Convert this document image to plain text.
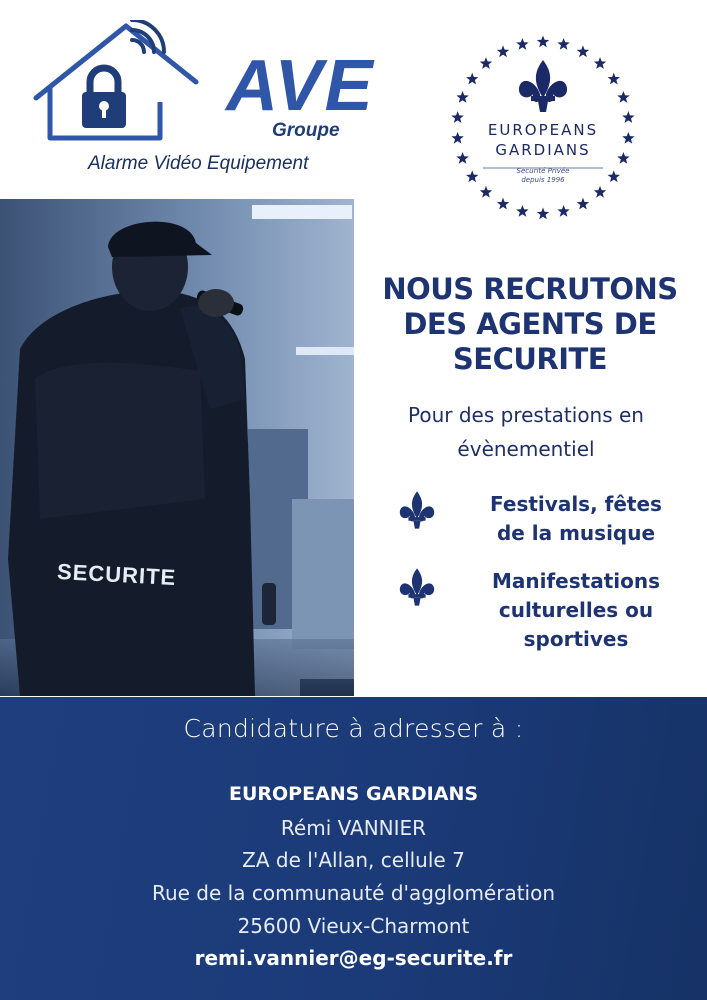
AVE
Groupe
Alarme Vidéo Equipement
EUROPEANS
GARDIANS
Securité Privée
depuis 1996
SECURITE
NOUS RECRUTONS
DES AGENTS DE
SECURITE
Pour des prestations en
évènementiel
Festivals, fêtes
de la musique
Manifestations
culturelles ou
sportives
Candidature à adresser à :
EUROPEANS GARDIANS
Rémi VANNIER
ZA de l'Allan, cellule 7
Rue de la communauté d'agglomération
25600 Vieux-Charmont
remi.vannier@eg-securite.fr
